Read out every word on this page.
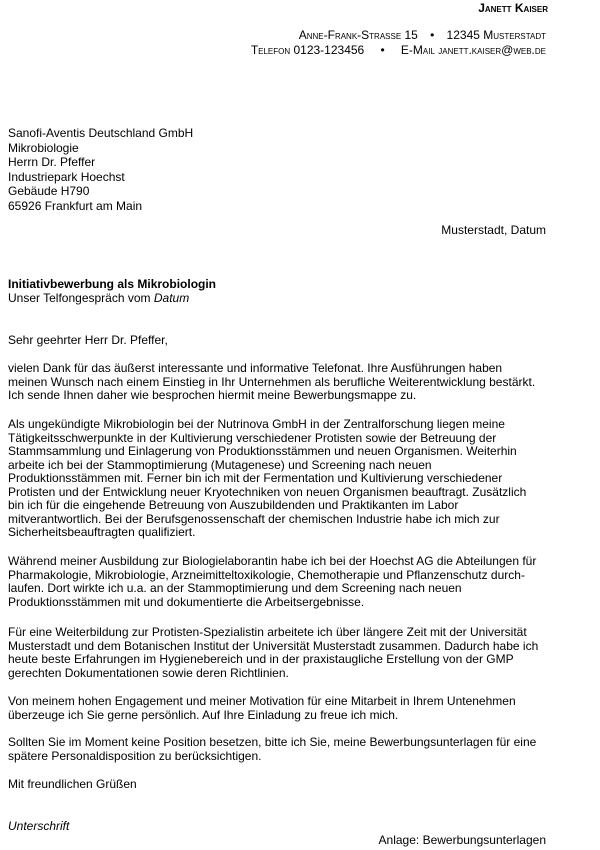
Janett Kaiser
Anne-Frank-Strasse 15 • 12345 Musterstadt
Telefon 0123-123456 • E-Mail janett.kaiser@web.de
Sanofi-Aventis Deutschland GmbH
Mikrobiologie
Herrn Dr. Pfeffer
Industriepark Hoechst
Gebäude H790
65926 Frankfurt am Main
Musterstadt, Datum
Initiativbewerbung als Mikrobiologin
Unser Telfongespräch vom Datum
Sehr geehrter Herr Dr. Pfeffer,
vielen Dank für das äußerst interessante und informative Telefonat. Ihre Ausführungen haben
meinen Wunsch nach einem Einstieg in Ihr Unternehmen als berufliche Weiterentwicklung bestärkt.
Ich sende Ihnen daher wie besprochen hiermit meine Bewerbungsmappe zu.
Als ungekündigte Mikrobiologin bei der Nutrinova GmbH in der Zentralforschung liegen meine
Tätigkeitsschwerpunkte in der Kultivierung verschiedener Protisten sowie der Betreuung der
Stammsammlung und Einlagerung von Produktionsstämmen und neuen Organismen. Weiterhin
arbeite ich bei der Stammoptimierung (Mutagenese) und Screening nach neuen
Produktionsstämmen mit. Ferner bin ich mit der Fermentation und Kultivierung verschiedener
Protisten und der Entwicklung neuer Kryotechniken von neuen Organismen beauftragt. Zusätzlich
bin ich für die eingehende Betreuung von Auszubildenden und Praktikanten im Labor
mitverantwortlich. Bei der Berufsgenossenschaft der chemischen Industrie habe ich mich zur
Sicherheitsbeauftragten qualifiziert.
Während meiner Ausbildung zur Biologielaborantin habe ich bei der Hoechst AG die Abteilungen für
Pharmakologie, Mikrobiologie, Arzneimitteltoxikologie, Chemotherapie und Pflanzenschutz durch-
laufen. Dort wirkte ich u.a. an der Stammoptimierung und dem Screening nach neuen
Produktionsstämmen mit und dokumentierte die Arbeitsergebnisse.
Für eine Weiterbildung zur Protisten-Spezialistin arbeitete ich über längere Zeit mit der Universität
Musterstadt und dem Botanischen Institut der Universität Musterstadt zusammen. Dadurch habe ich
heute beste Erfahrungen im Hygienebereich und in der praxistaugliche Erstellung von der GMP
gerechten Dokumentationen sowie deren Richtlinien.
Von meinem hohen Engagement und meiner Motivation für eine Mitarbeit in Ihrem Untenehmen
überzeuge ich Sie gerne persönlich. Auf Ihre Einladung zu freue ich mich.
Sollten Sie im Moment keine Position besetzen, bitte ich Sie, meine Bewerbungsunterlagen für eine
spätere Personaldisposition zu berücksichtigen.
Mit freundlichen Grüßen
Unterschrift
Anlage: Bewerbungsunterlagen
